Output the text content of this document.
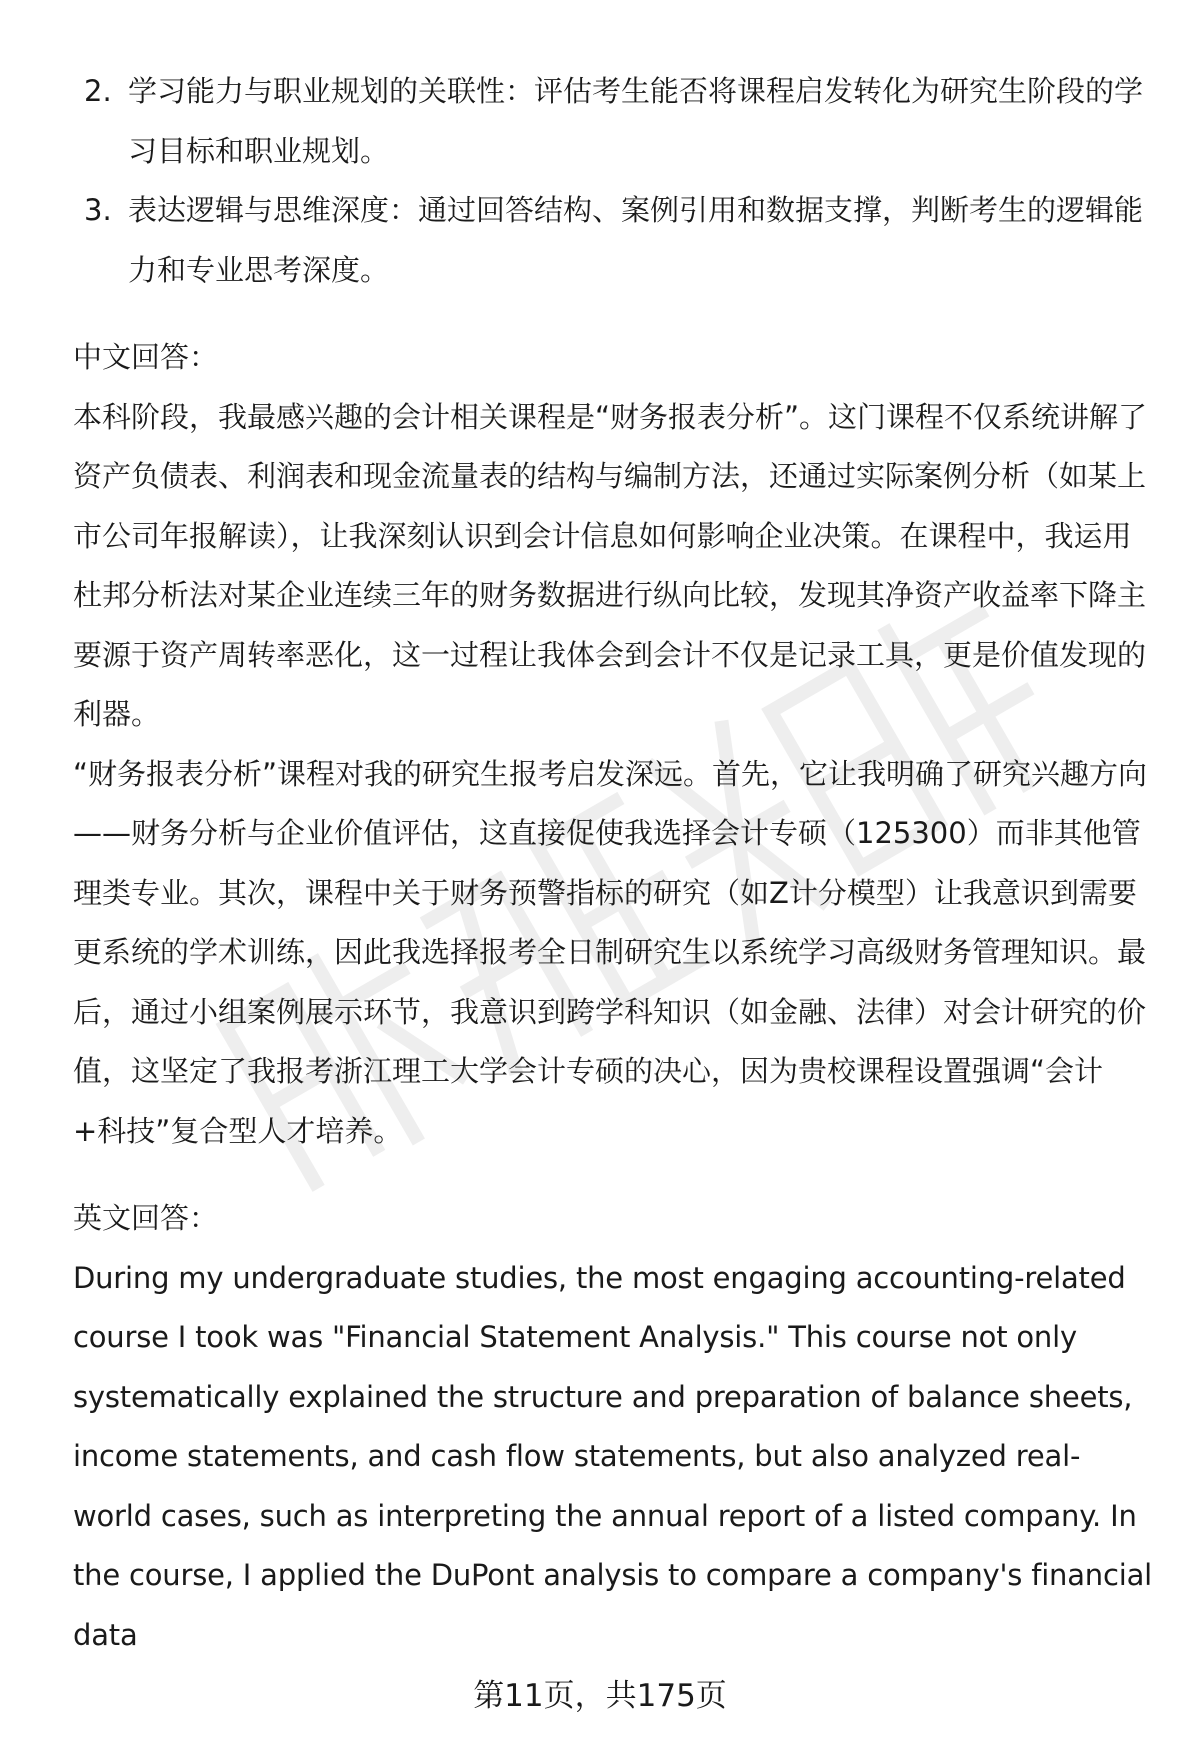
2. 学习能力与职业规划的关联性：评估考生能否将课程启发转化为研究生阶段的学习目标和职业规划。
3. 表达逻辑与思维深度：通过回答结构、案例引用和数据支撑，判断考生的逻辑能力和专业思考深度。
中文回答：

本科阶段，我最感兴趣的会计相关课程是“财务报表分析”。这门课程不仅系统讲解了资产负债表、利润表和现金流量表的结构与编制方法，还通过实际案例分析（如某上市公司年报解读），让我深刻认识到会计信息如何影响企业决策。在课程中，我运用杜邦分析法对某企业连续三年的财务数据进行纵向比较，发现其净资产收益率下降主要源于资产周转率恶化，这一过程让我体会到会计不仅是记录工具，更是价值发现的利器。

“财务报表分析”课程对我的研究生报考启发深远。首先，它让我明确了研究兴趣方向——财务分析与企业价值评估，这直接促使我选择会计专硕（125300）而非其他管理类专业。其次，课程中关于财务预警指标的研究（如Z计分模型）让我意识到需要更系统的学术训练，因此我选择报考全日制研究生以系统学习高级财务管理知识。最后，通过小组案例展示环节，我意识到跨学科知识（如金融、法律）对会计研究的价值，这坚定了我报考浙江理工大学会计专硕的决心，因为贵校课程设置强调“会计+科技”复合型人才培养。

英文回答：

During my undergraduate studies, the most engaging accounting-related course I took was "Financial Statement Analysis." This course not only systematically explained the structure and preparation of balance sheets, income statements, and cash flow statements, but also analyzed real-world cases, such as interpreting the annual report of a listed company. In the course, I applied the DuPont analysis to compare a company's financial data

第11页，共175页
